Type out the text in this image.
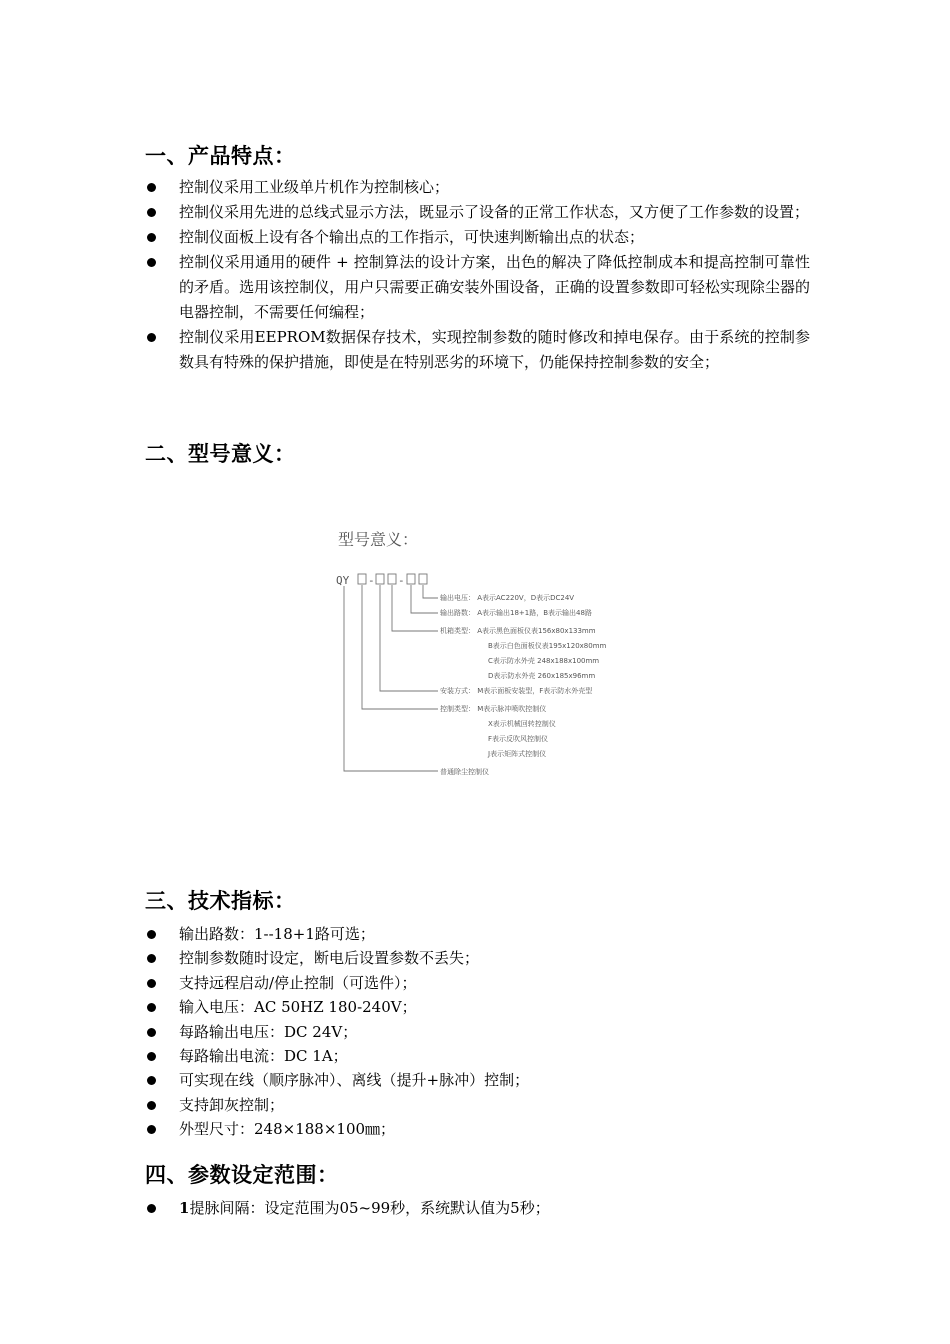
一、产品特点：
控制仪采用工业级单片机作为控制核心；
控制仪采用先进的总线式显示方法，既显示了设备的正常工作状态，又方便了工作参数的设置；
控制仪面板上设有各个输出点的工作指示，可快速判断输出点的状态；
控制仪采用通用的硬件 + 控制算法的设计方案，出色的解决了降低控制成本和提高控制可靠性的矛盾。选用该控制仪，用户只需要正确安装外围设备，正确的设置参数即可轻松实现除尘器的电器控制，不需要任何编程；
控制仪采用EEPROM数据保存技术，实现控制参数的随时修改和掉电保存。由于系统的控制参数具有特殊的保护措施，即使是在特别恶劣的环境下，仍能保持控制参数的安全；
二、型号意义：
型号意义：
QY - -
输出电压： A表示AC220V，D表示DC24V
输出路数： A表示输出18+1路，B表示输出48路
机箱类型： A表示黑色面板仪表156x80x133mm
B表示白色面板仪表195x120x80mm
C表示防水外壳 248x188x100mm
D表示防水外壳 260x185x96mm
安装方式： M表示面板安装型，F表示防水外壳型
控制类型： M表示脉冲喷吹控制仪
X表示机械回转控制仪
F表示反吹风控制仪
J表示矩阵式控制仪
普通除尘控制仪
三、技术指标：
输出路数：1--18+1路可选；
控制参数随时设定，断电后设置参数不丢失；
支持远程启动/停止控制（可选件）；
输入电压：AC 50HZ 180-240V；
每路输出电压：DC 24V；
每路输出电流：DC 1A；
可实现在线（顺序脉冲）、离线（提升+脉冲）控制；
支持卸灰控制；
外型尺寸：248×188×100㎜；
四、参数设定范围：
1提脉间隔：设定范围为05~99秒，系统默认值为5秒；
